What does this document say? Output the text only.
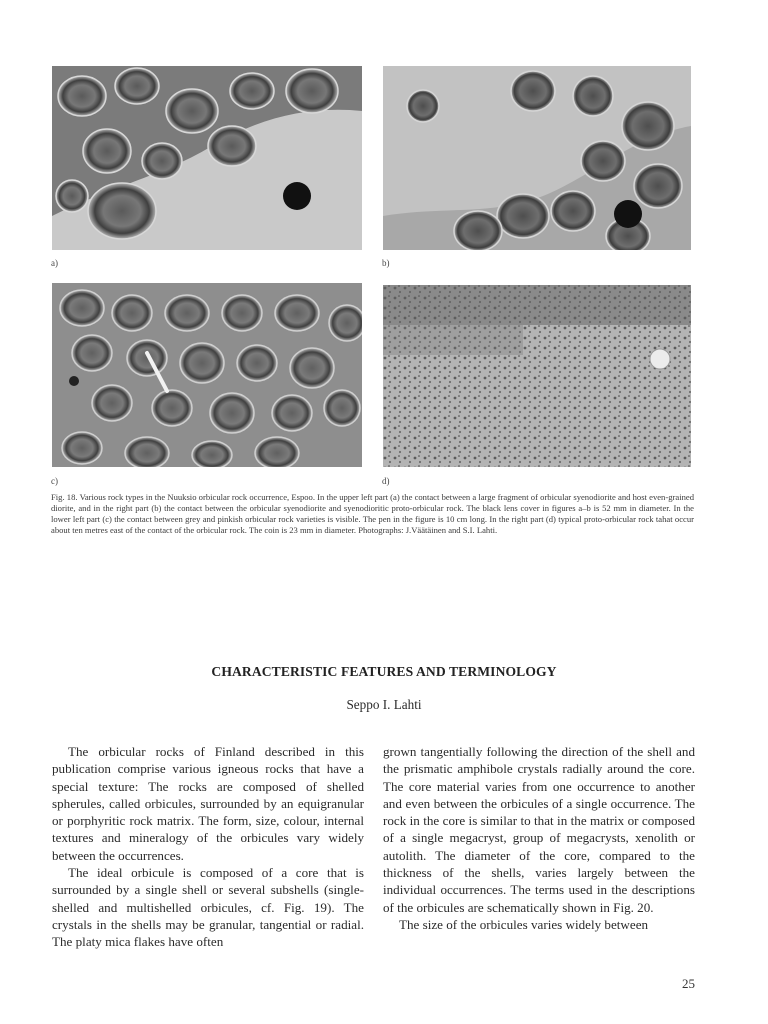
a)	b)
c)	d)
Fig. 18. Various rock types in the Nuuksio orbicular rock occurrence, Espoo. In the upper left part (a) the contact between a large fragment of orbicular syenodiorite and host even-grained diorite, and in the right part (b) the contact between the orbicular syenodiorite and syenodioritic proto-orbicular rock. The black lens cover in figures a–b is 52 mm in diameter. In the lower left part (c) the contact between grey and pinkish orbicular rock varieties is visible. The pen in the figure is 10 cm long. In the right part (d) typical proto-orbicular rock tahat occur about ten metres east of the contact of the orbicular rock. The coin is 23 mm in diameter. Photographs: J.Väätäinen and S.I. Lahti.
CHARACTERISTIC FEATURES AND TERMINOLOGY
Seppo I. Lahti

The orbicular rocks of Finland described in this publication comprise various igneous rocks that have a special texture: The rocks are composed of shelled spherules, called orbicules, surrounded by an equigranular or porphyritic rock matrix. The form, size, colour, internal textures and mineralogy of the orbicules vary widely between the occurrences.

The ideal orbicule is composed of a core that is surrounded by a single shell or several subshells (single-shelled and multishelled orbicules, cf. Fig. 19). The crystals in the shells may be granular, tangential or radial. The platy mica flakes have often

grown tangentially following the direction of the shell and the prismatic amphibole crystals radially around the core. The core material varies from one occurrence to another and even between the orbicules of a single occurrence. The rock in the core is similar to that in the matrix or composed of a single megacryst, group of megacrysts, xenolith or autolith. The diameter of the core, compared to the thickness of the shells, varies largely between the individual occurrences. The terms used in the descriptions of the orbicules are schematically shown in Fig. 20.

The size of the orbicules varies widely between

25
